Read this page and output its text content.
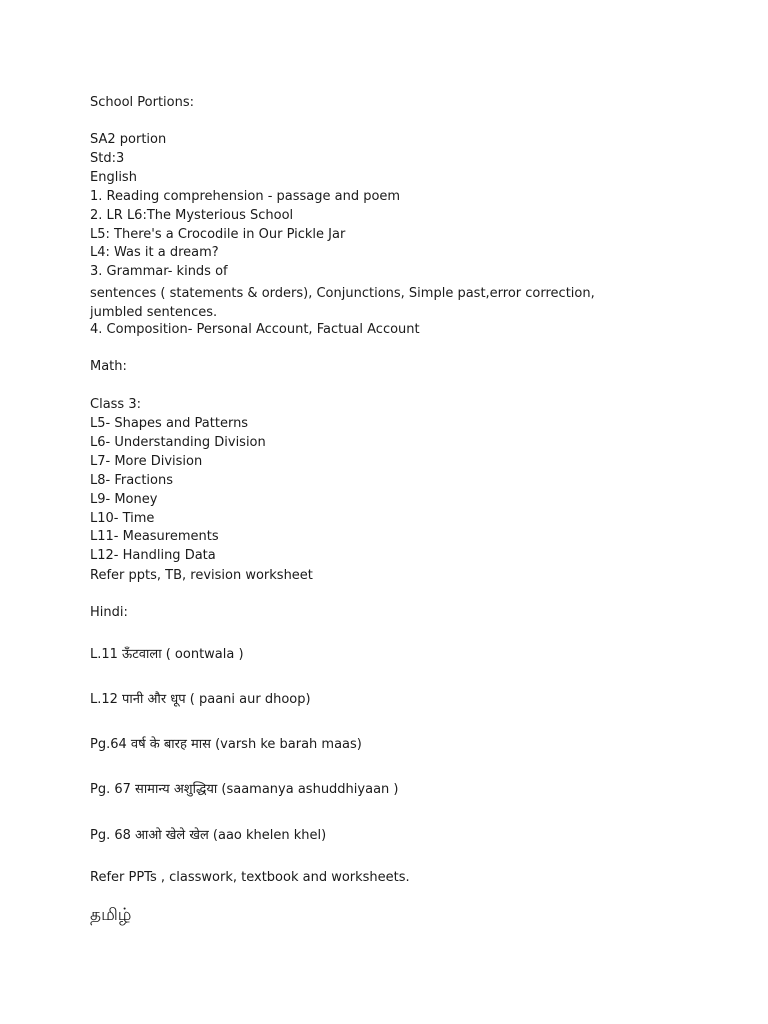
School Portions:
SA2 portion
Std:3
English
1. Reading comprehension - passage and poem
2. LR L6:The Mysterious School
L5: There's a Crocodile in Our Pickle Jar
L4: Was it a dream?
3. Grammar- kinds of
sentences ( statements & orders), Conjunctions, Simple past,error correction, jumbled sentences.
4. Composition- Personal Account, Factual Account
Math:
Class 3:
L5- Shapes and Patterns
L6- Understanding Division
L7- More Division
L8- Fractions
L9- Money
L10- Time
L11- Measurements
L12- Handling Data
Refer ppts, TB, revision worksheet
Hindi:
L.11 ऊँटवाला ( oontwala )
L.12 पानी और धूप ( paani aur dhoop)
Pg.64 वर्ष के बारह मास (varsh ke barah maas)
Pg. 67 सामान्य अशुद्धिया (saamanya ashuddhiyaan )
Pg. 68 आओ खेले खेल (aao khelen khel)
Refer PPTs , classwork, textbook and worksheets.
தமிழ்
